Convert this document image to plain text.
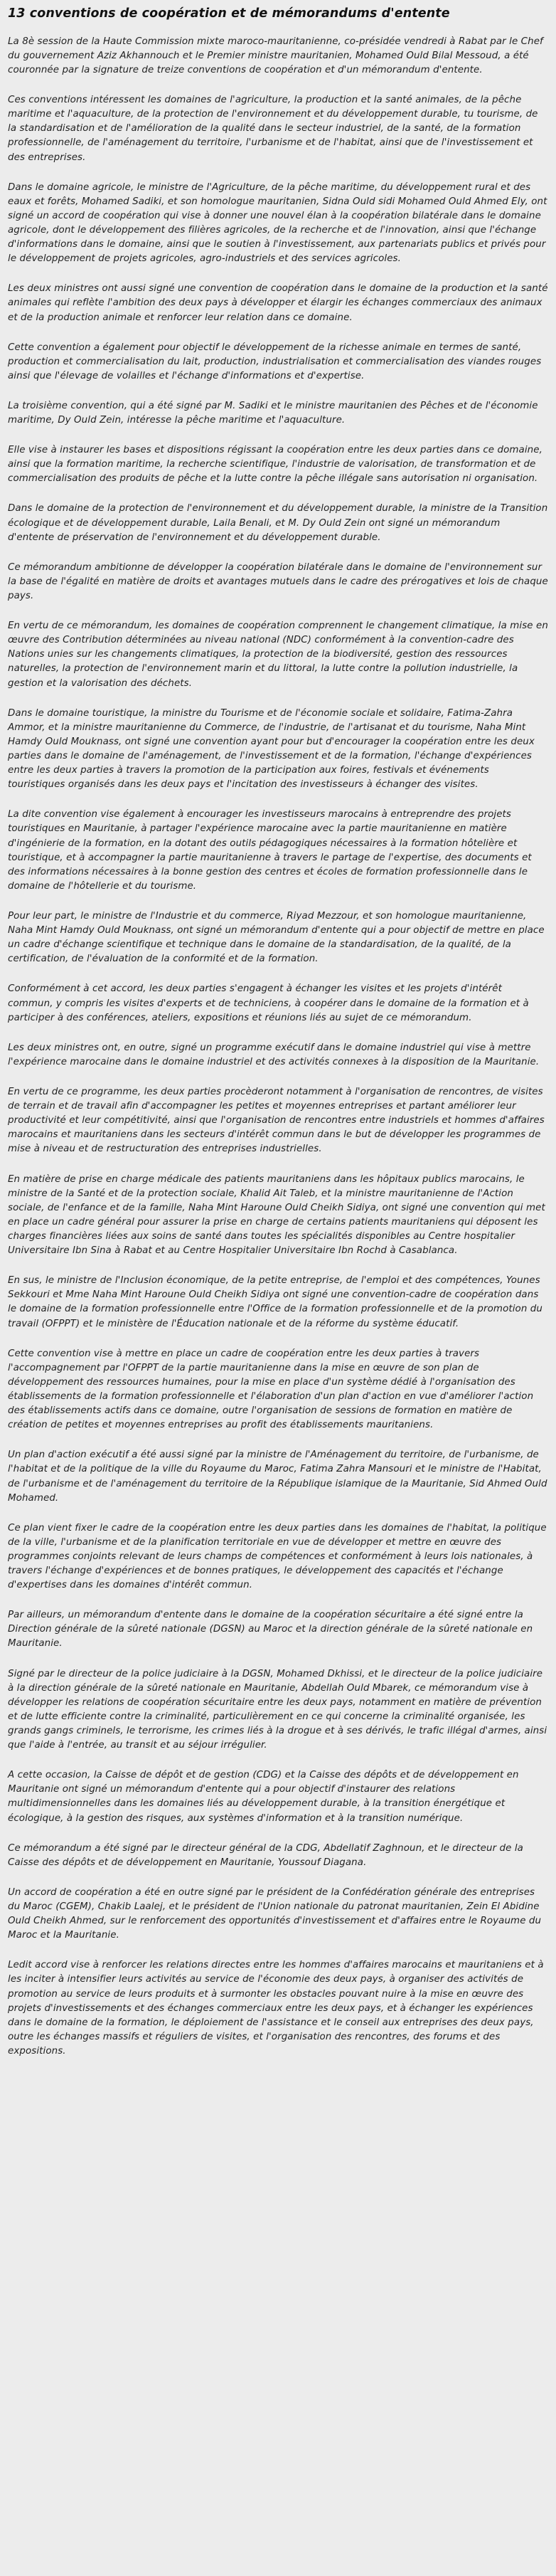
13 conventions de coopération et de mémorandums d'entente

La 8è session de la Haute Commission mixte maroco-mauritanienne, co-présidée vendredi à Rabat par le Chef du gouvernement Aziz Akhannouch et le Premier ministre mauritanien, Mohamed Ould Bilal Messoud, a été couronnée par la signature de treize conventions de coopération et d'un mémorandum d'entente.

Ces conventions intéressent les domaines de l'agriculture, la production et la santé animales, de la pêche maritime et l'aquaculture, de la protection de l'environnement et du développement durable, tu tourisme, de la standardisation et de l'amélioration de la qualité dans le secteur industriel, de la santé, de la formation professionnelle, de l'aménagement du territoire, l'urbanisme et de l'habitat, ainsi que de l'investissement et des entreprises.

Dans le domaine agricole, le ministre de l'Agriculture, de la pêche maritime, du développement rural et des eaux et forêts, Mohamed Sadiki, et son homologue mauritanien, Sidna Ould sidi Mohamed Ould Ahmed Ely, ont signé un accord de coopération qui vise à donner une nouvel élan à la coopération bilatérale dans le domaine agricole, dont le développement des filières agricoles, de la recherche et de l'innovation, ainsi que l'échange d'informations dans le domaine, ainsi que le soutien à l'investissement, aux partenariats publics et privés pour le développement de projets agricoles, agro-industriels et des services agricoles.

Les deux ministres ont aussi signé une convention de coopération dans le domaine de la production et la santé animales qui reflète l'ambition des deux pays à développer et élargir les échanges commerciaux des animaux et de la production animale et renforcer leur relation dans ce domaine.

Cette convention a également pour objectif le développement de la richesse animale en termes de santé, production et commercialisation du lait, production, industrialisation et commercialisation des viandes rouges ainsi que l'élevage de volailles et l'échange d'informations et d'expertise.

La troisième convention, qui a été signé par M. Sadiki et le ministre mauritanien des Pêches et de l'économie maritime, Dy Ould Zein, intéresse la pêche maritime et l'aquaculture.

Elle vise à instaurer les bases et dispositions régissant la coopération entre les deux parties dans ce domaine, ainsi que la formation maritime, la recherche scientifique, l'industrie de valorisation, de transformation et de commercialisation des produits de pêche et la lutte contre la pêche illégale sans autorisation ni organisation.

Dans le domaine de la protection de l'environnement et du développement durable, la ministre de la Transition écologique et de développement durable, Laila Benali, et M. Dy Ould Zein ont signé un mémorandum d'entente de préservation de l'environnement et du développement durable.

Ce mémorandum ambitionne de développer la coopération bilatérale dans le domaine de l'environnement sur la base de l'égalité en matière de droits et avantages mutuels dans le cadre des prérogatives et lois de chaque pays.

En vertu de ce mémorandum, les domaines de coopération comprennent le changement climatique, la mise en œuvre des Contribution déterminées au niveau national (NDC) conformément à la convention-cadre des Nations unies sur les changements climatiques, la protection de la biodiversité, gestion des ressources naturelles, la protection de l'environnement marin et du littoral, la lutte contre la pollution industrielle, la gestion et la valorisation des déchets.

Dans le domaine touristique, la ministre du Tourisme et de l'économie sociale et solidaire, Fatima-Zahra Ammor, et la ministre mauritanienne du Commerce, de l'industrie, de l'artisanat et du tourisme, Naha Mint Hamdy Ould Mouknass, ont signé une convention ayant pour but d'encourager la coopération entre les deux parties dans le domaine de l'aménagement, de l'investissement et de la formation, l'échange d'expériences entre les deux parties à travers la promotion de la participation aux foires, festivals et événements touristiques organisés dans les deux pays et l'incitation des investisseurs à échanger des visites.

La dite convention vise également à encourager les investisseurs marocains à entreprendre des projets touristiques en Mauritanie, à partager l'expérience marocaine avec la partie mauritanienne en matière d'ingénierie de la formation, en la dotant des outils pédagogiques nécessaires à la formation hôtelière et touristique, et à accompagner la partie mauritanienne à travers le partage de l'expertise, des documents et des informations nécessaires à la bonne gestion des centres et écoles de formation professionnelle dans le domaine de l'hôtellerie et du tourisme.

Pour leur part, le ministre de l'Industrie et du commerce, Riyad Mezzour, et son homologue mauritanienne, Naha Mint Hamdy Ould Mouknass, ont signé un mémorandum d'entente qui a pour objectif de mettre en place un cadre d'échange scientifique et technique dans le domaine de la standardisation, de la qualité, de la certification, de l'évaluation de la conformité et de la formation.

Conformément à cet accord, les deux parties s'engagent à échanger les visites et les projets d'intérêt commun, y compris les visites d'experts et de techniciens, à coopérer dans le domaine de la formation et à participer à des conférences, ateliers, expositions et réunions liés au sujet de ce mémorandum.

Les deux ministres ont, en outre, signé un programme exécutif dans le domaine industriel qui vise à mettre l'expérience marocaine dans le domaine industriel et des activités connexes à la disposition de la Mauritanie.

En vertu de ce programme, les deux parties procèderont notamment à l'organisation de rencontres, de visites de terrain et de travail afin d'accompagner les petites et moyennes entreprises et partant améliorer leur productivité et leur compétitivité, ainsi que l'organisation de rencontres entre industriels et hommes d'affaires marocains et mauritaniens dans les secteurs d'intérêt commun dans le but de développer les programmes de mise à niveau et de restructuration des entreprises industrielles.

En matière de prise en charge médicale des patients mauritaniens dans les hôpitaux publics marocains, le ministre de la Santé et de la protection sociale, Khalid Ait Taleb, et la ministre mauritanienne de l'Action sociale, de l'enfance et de la famille, Naha Mint Haroune Ould Cheikh Sidiya, ont signé une convention qui met en place un cadre général pour assurer la prise en charge de certains patients mauritaniens qui déposent les charges financières liées aux soins de santé dans toutes les spécialités disponibles au Centre hospitalier Universitaire Ibn Sina à Rabat et au Centre Hospitalier Universitaire Ibn Rochd à Casablanca.

En sus, le ministre de l'Inclusion économique, de la petite entreprise, de l'emploi et des compétences, Younes Sekkouri et Mme Naha Mint Haroune Ould Cheikh Sidiya ont signé une convention-cadre de coopération dans le domaine de la formation professionnelle entre l'Office de la formation professionnelle et de la promotion du travail (OFPPT) et le ministère de l'Éducation nationale et de la réforme du système éducatif.

Cette convention vise à mettre en place un cadre de coopération entre les deux parties à travers l'accompagnement par l'OFPPT de la partie mauritanienne dans la mise en œuvre de son plan de développement des ressources humaines, pour la mise en place d'un système dédié à l'organisation des établissements de la formation professionnelle et l'élaboration d'un plan d'action en vue d'améliorer l'action des établissements actifs dans ce domaine, outre l'organisation de sessions de formation en matière de création de petites et moyennes entreprises au profit des établissements mauritaniens.

Un plan d'action exécutif a été aussi signé par la ministre de l'Aménagement du territoire, de l'urbanisme, de l'habitat et de la politique de la ville du Royaume du Maroc, Fatima Zahra Mansouri et le ministre de l'Habitat, de l'urbanisme et de l'aménagement du territoire de la République islamique de la Mauritanie, Sid Ahmed Ould Mohamed.

Ce plan vient fixer le cadre de la coopération entre les deux parties dans les domaines de l'habitat, la politique de la ville, l'urbanisme et de la planification territoriale en vue de développer et mettre en œuvre des programmes conjoints relevant de leurs champs de compétences et conformément à leurs lois nationales, à travers l'échange d'expériences et de bonnes pratiques, le développement des capacités et l'échange d'expertises dans les domaines d'intérêt commun.

Par ailleurs, un mémorandum d'entente dans le domaine de la coopération sécuritaire a été signé entre la Direction générale de la sûreté nationale (DGSN) au Maroc et la direction générale de la sûreté nationale en Mauritanie.

Signé par le directeur de la police judiciaire à la DGSN, Mohamed Dkhissi, et le directeur de la police judiciaire à la direction générale de la sûreté nationale en Mauritanie, Abdellah Ould Mbarek, ce mémorandum vise à développer les relations de coopération sécuritaire entre les deux pays, notamment en matière de prévention et de lutte efficiente contre la criminalité, particulièrement en ce qui concerne la criminalité organisée, les grands gangs criminels, le terrorisme, les crimes liés à la drogue et à ses dérivés, le trafic illégal d'armes, ainsi que l'aide à l'entrée, au transit et au séjour irrégulier.

A cette occasion, la Caisse de dépôt et de gestion (CDG) et la Caisse des dépôts et de développement en Mauritanie ont signé un mémorandum d'entente qui a pour objectif d'instaurer des relations multidimensionnelles dans les domaines liés au développement durable, à la transition énergétique et écologique, à la gestion des risques, aux systèmes d'information et à la transition numérique.

Ce mémorandum a été signé par le directeur général de la CDG, Abdellatif Zaghnoun, et le directeur de la Caisse des dépôts et de développement en Mauritanie, Youssouf Diagana.

Un accord de coopération a été en outre signé par le président de la Confédération générale des entreprises du Maroc (CGEM), Chakib Laalej, et le président de l'Union nationale du patronat mauritanien, Zein El Abidine Ould Cheikh Ahmed, sur le renforcement des opportunités d'investissement et d'affaires entre le Royaume du Maroc et la Mauritanie.

Ledit accord vise à renforcer les relations directes entre les hommes d'affaires marocains et mauritaniens et à les inciter à intensifier leurs activités au service de l'économie des deux pays, à organiser des activités de promotion au service de leurs produits et à surmonter les obstacles pouvant nuire à la mise en œuvre des projets d'investissements et des échanges commerciaux entre les deux pays, et à échanger les expériences dans le domaine de la formation, le déploiement de l'assistance et le conseil aux entreprises des deux pays, outre les échanges massifs et réguliers de visites, et l'organisation des rencontres, des forums et des expositions.
